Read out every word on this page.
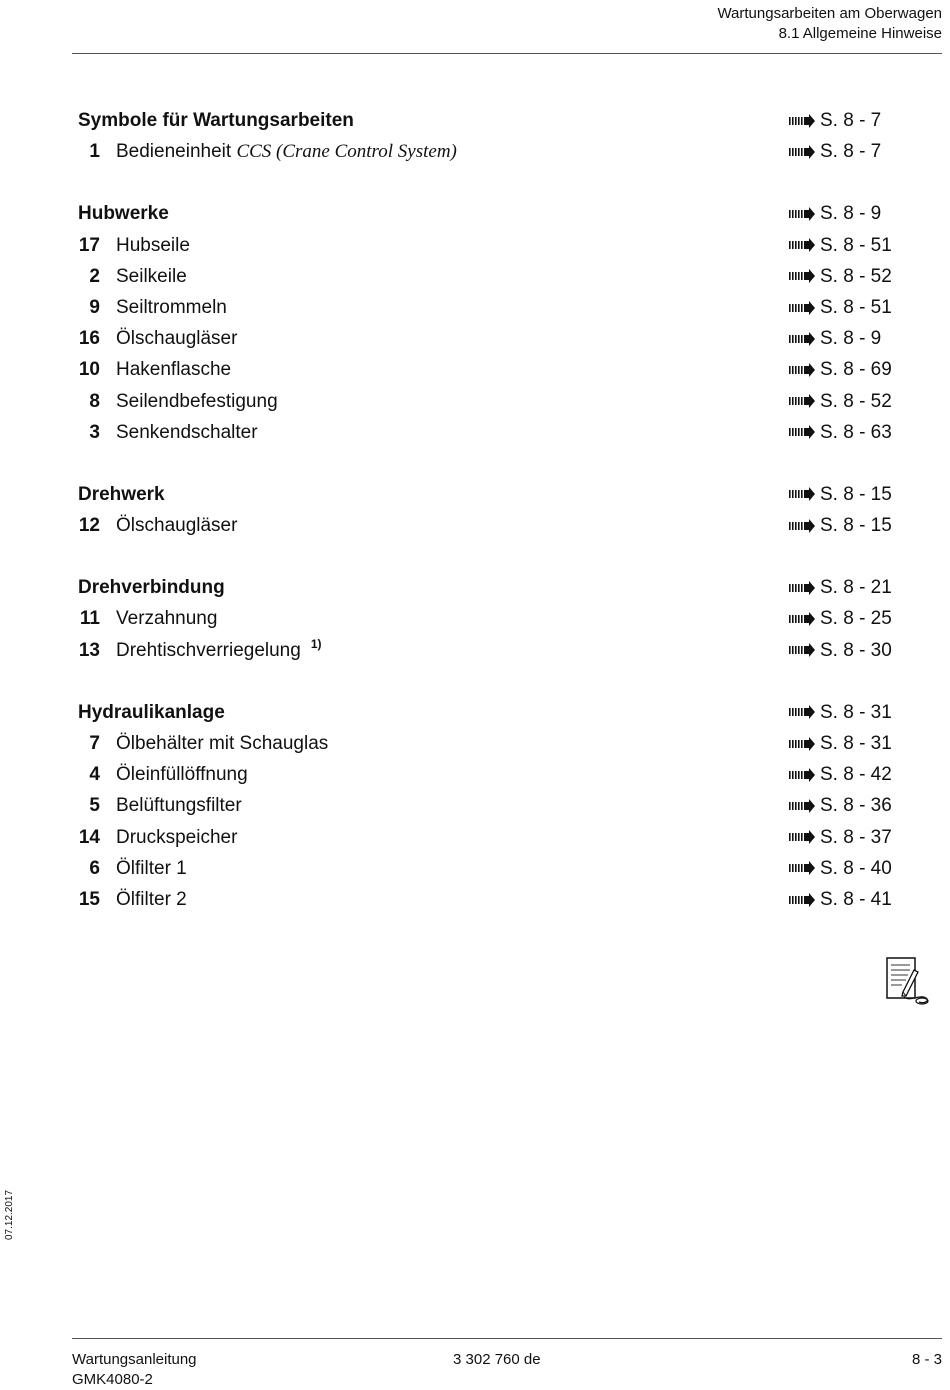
Wartungsarbeiten am Oberwagen
8.1 Allgemeine Hinweise
Symbole für Wartungsarbeiten	S. 8 - 7
1 Bedieneinheit CCS (Crane Control System)	S. 8 - 7
Hubwerke	S. 8 - 9
17 Hubseile	S. 8 - 51
2 Seilkeile	S. 8 - 52
9 Seiltrommeln	S. 8 - 51
16 Ölschaugläser	S. 8 - 9
10 Hakenflasche	S. 8 - 69
8 Seilendbefestigung	S. 8 - 52
3 Senkendschalter	S. 8 - 63
Drehwerk	S. 8 - 15
12 Ölschaugläser	S. 8 - 15
Drehverbindung	S. 8 - 21
11 Verzahnung	S. 8 - 25
13 Drehtischverriegelung $^{1)}$	S. 8 - 30
Hydraulikanlage	S. 8 - 31
7 Ölbehälter mit Schauglas	S. 8 - 31
4 Öleinfüllöffnung	S. 8 - 42
5 Belüftungsfilter	S. 8 - 36
14 Druckspeicher	S. 8 - 37
6 Ölfilter 1	S. 8 - 40
15 Ölfilter 2	S. 8 - 41
07.12.2017
Wartungsanleitung
GMK4080-2
3 302 760 de	8 - 3
